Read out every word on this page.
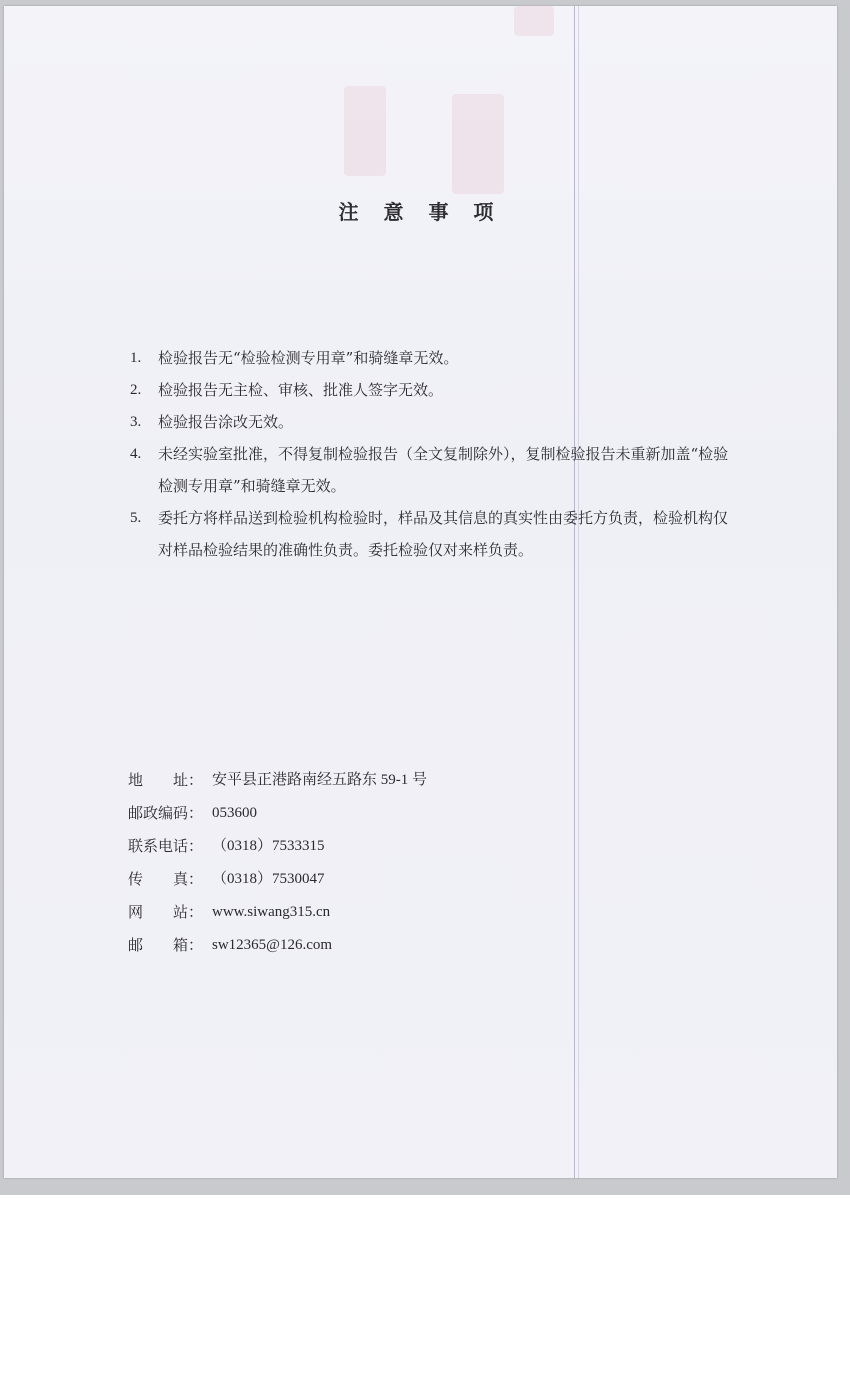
注 意 事 项
1.	检验报告无“检验检测专用章”和骑缝章无效。
2.	检验报告无主检、审核、批准人签字无效。
3.	检验报告涂改无效。
4.	未经实验室批准，不得复制检验报告（全文复制除外），复制检验报告未重新加盖“检验检测专用章”和骑缝章无效。
5.	委托方将样品送到检验机构检验时，样品及其信息的真实性由委托方负责，检验机构仅对样品检验结果的准确性负责。委托检验仅对来样负责。
地　　址： 安平县正港路南经五路东 59-1 号
邮政编码： 053600
联系电话： （0318）7533315
传　　真： （0318）7530047
网　　站： www.siwang315.cn
邮　　箱： sw12365@126.com
